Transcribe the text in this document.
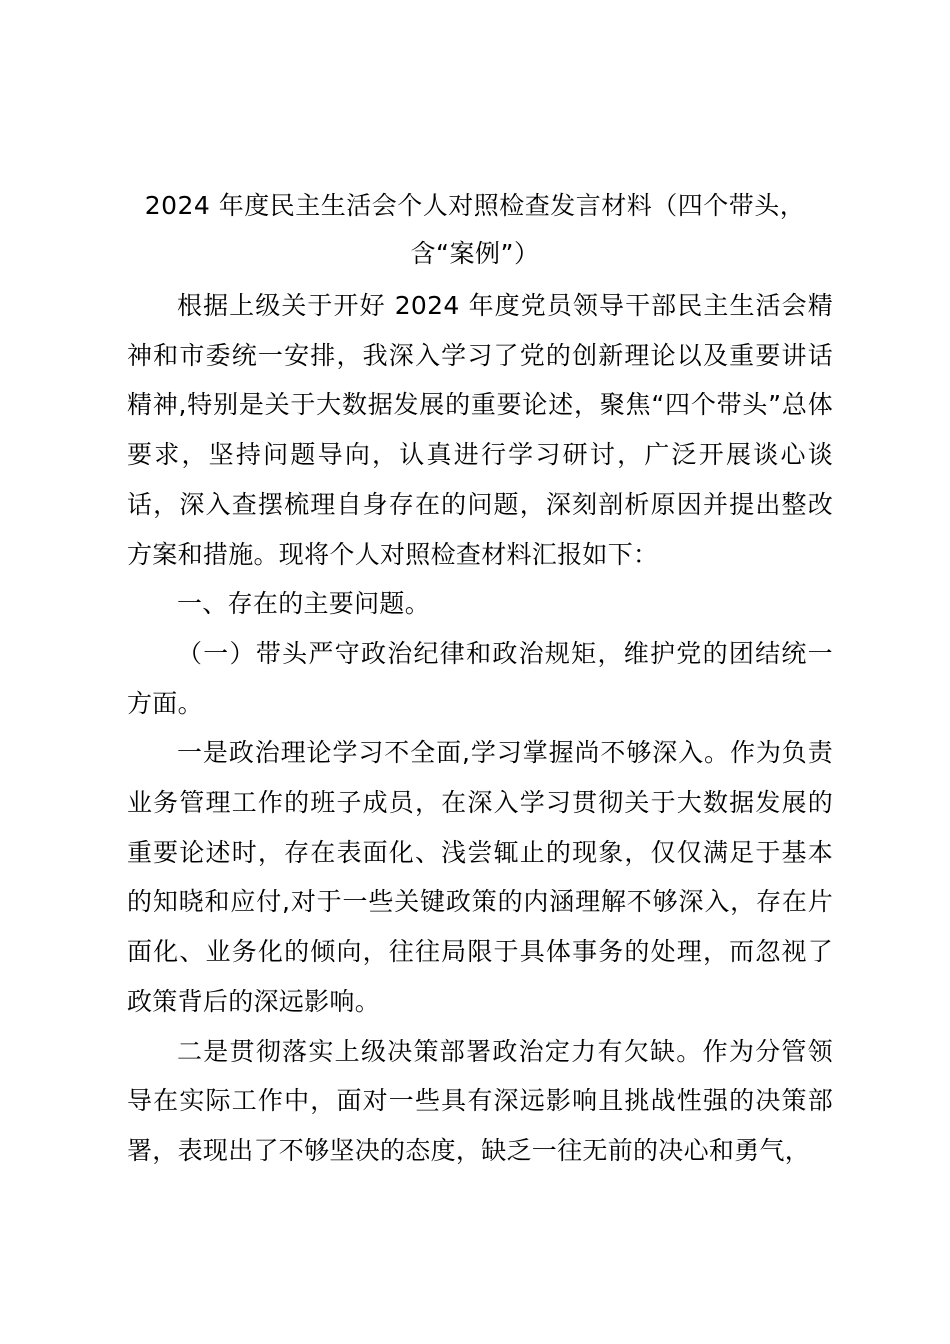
2024 年度民主生活会个人对照检查发言材料（四个带头，含“案例”）

根据上级关于开好 2024 年度党员领导干部民主生活会精神和市委统一安排，我深入学习了党的创新理论以及重要讲话精神,特别是关于大数据发展的重要论述，聚焦“四个带头”总体要求，坚持问题导向，认真进行学习研讨，广泛开展谈心谈话，深入查摆梳理自身存在的问题，深刻剖析原因并提出整改方案和措施。现将个人对照检查材料汇报如下：

一、存在的主要问题。

（一）带头严守政治纪律和政治规矩，维护党的团结统一方面。

一是政治理论学习不全面,学习掌握尚不够深入。作为负责业务管理工作的班子成员，在深入学习贯彻关于大数据发展的重要论述时，存在表面化、浅尝辄止的现象，仅仅满足于基本的知晓和应付,对于一些关键政策的内涵理解不够深入，存在片面化、业务化的倾向，往往局限于具体事务的处理，而忽视了政策背后的深远影响。

二是贯彻落实上级决策部署政治定力有欠缺。作为分管领导在实际工作中，面对一些具有深远影响且挑战性强的决策部署，表现出了不够坚决的态度，缺乏一往无前的决心和勇气，
